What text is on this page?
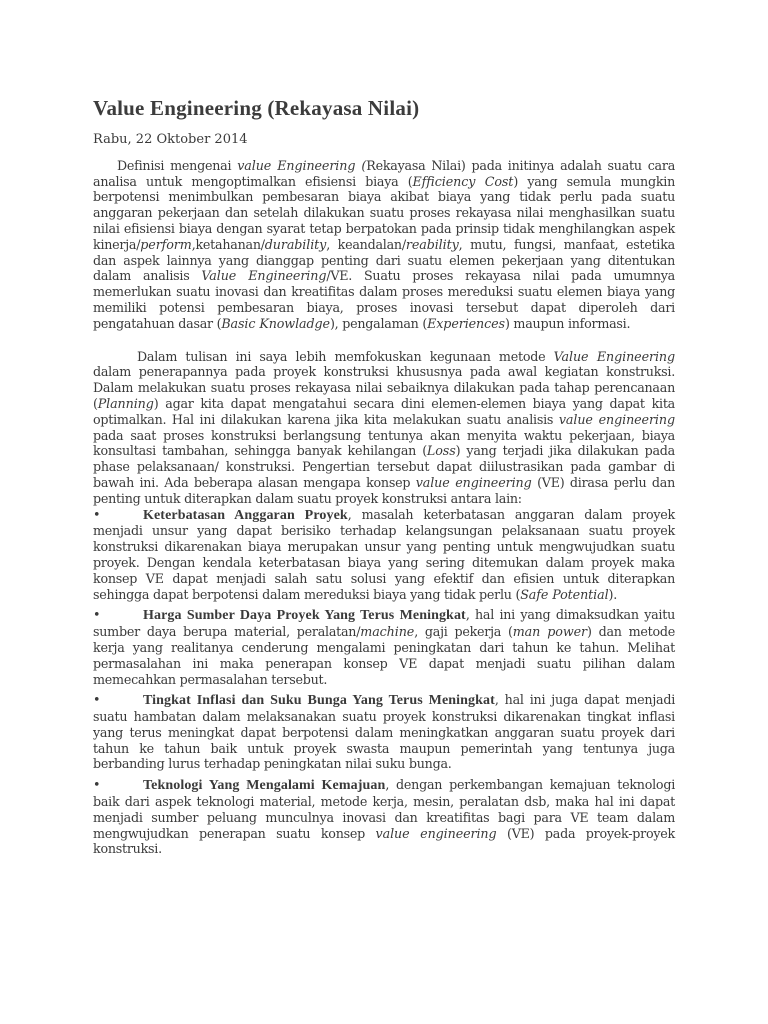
Value Engineering (Rekayasa Nilai)

Rabu, 22 Oktober 2014

Definisi mengenai value Engineering (Rekayasa Nilai) pada initinya adalah suatu cara analisa untuk mengoptimalkan efisiensi biaya (Efficiency Cost) yang semula mungkin berpotensi menimbulkan pembesaran biaya akibat biaya yang tidak perlu pada suatu anggaran pekerjaan dan setelah dilakukan suatu proses rekayasa nilai menghasilkan suatu nilai efisiensi biaya dengan syarat tetap berpatokan pada prinsip tidak menghilangkan aspek kinerja/perform,ketahanan/durability, keandalan/reability, mutu, fungsi, manfaat, estetika dan aspek lainnya yang dianggap penting dari suatu elemen pekerjaan yang ditentukan dalam analisis Value Engineering/VE. Suatu proses rekayasa nilai pada umumnya memerlukan suatu inovasi dan kreatifitas dalam proses mereduksi suatu elemen biaya yang memiliki potensi pembesaran biaya, proses inovasi tersebut dapat diperoleh dari pengatahuan dasar (Basic Knowladge), pengalaman (Experiences) maupun informasi.

Dalam tulisan ini saya lebih memfokuskan kegunaan metode Value Engineering dalam penerapannya pada proyek konstruksi khususnya pada awal kegiatan konstruksi. Dalam melakukan suatu proses rekayasa nilai sebaiknya dilakukan pada tahap perencanaan (Planning) agar kita dapat mengatahui secara dini elemen-elemen biaya yang dapat kita optimalkan. Hal ini dilakukan karena jika kita melakukan suatu analisis value engineering pada saat proses konstruksi berlangsung tentunya akan menyita waktu pekerjaan, biaya konsultasi tambahan, sehingga banyak kehilangan (Loss) yang terjadi jika dilakukan pada phase pelaksanaan/ konstruksi. Pengertian tersebut dapat diilustrasikan pada gambar di bawah ini. Ada beberapa alasan mengapa konsep value engineering (VE) dirasa perlu dan penting untuk diterapkan dalam suatu proyek konstruksi antara lain:

•	Keterbatasan Anggaran Proyek, masalah keterbatasan anggaran dalam proyek menjadi unsur yang dapat berisiko terhadap kelangsungan pelaksanaan suatu proyek konstruksi dikarenakan biaya merupakan unsur yang penting untuk mengwujudkan suatu proyek. Dengan kendala keterbatasan biaya yang sering ditemukan dalam proyek maka konsep VE dapat menjadi salah satu solusi yang efektif dan efisien untuk diterapkan sehingga dapat berpotensi dalam mereduksi biaya yang tidak perlu (Safe Potential).

•	Harga Sumber Daya Proyek Yang Terus Meningkat, hal ini yang dimaksudkan yaitu sumber daya berupa material, peralatan/machine, gaji pekerja (man power) dan metode kerja yang realitanya cenderung mengalami peningkatan dari tahun ke tahun. Melihat permasalahan ini maka penerapan konsep VE dapat menjadi suatu pilihan dalam memecahkan permasalahan tersebut.

•	Tingkat Inflasi dan Suku Bunga Yang Terus Meningkat, hal ini juga dapat menjadi suatu hambatan dalam melaksanakan suatu proyek konstruksi dikarenakan tingkat inflasi yang terus meningkat dapat berpotensi dalam meningkatkan anggaran suatu proyek dari tahun ke tahun baik untuk proyek swasta maupun pemerintah yang tentunya juga berbanding lurus terhadap peningkatan nilai suku bunga.

•	Teknologi Yang Mengalami Kemajuan, dengan perkembangan kemajuan teknologi baik dari aspek teknologi material, metode kerja, mesin, peralatan dsb, maka hal ini dapat menjadi sumber peluang munculnya inovasi dan kreatifitas bagi para VE team dalam mengwujudkan penerapan suatu konsep value engineering (VE) pada proyek-proyek konstruksi.
